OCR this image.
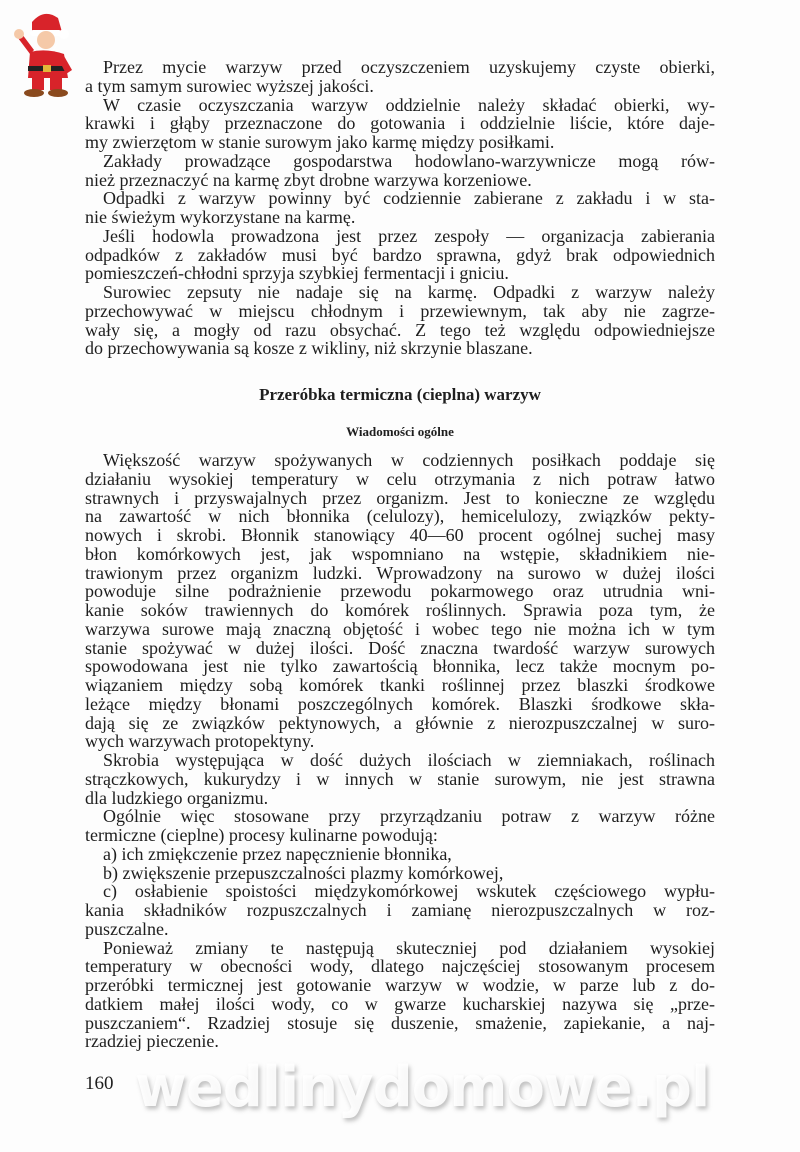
Przez mycie warzyw przed oczyszczeniem uzyskujemy czyste obierki,
a tym samym surowiec wyższej jakości.
W czasie oczyszczania warzyw oddzielnie należy składać obierki, wy-
krawki i głąby przeznaczone do gotowania i oddzielnie liście, które daje-
my zwierzętom w stanie surowym jako karmę między posiłkami.
Zakłady prowadzące gospodarstwa hodowlano-warzywnicze mogą rów-
nież przeznaczyć na karmę zbyt drobne warzywa korzeniowe.
Odpadki z warzyw powinny być codziennie zabierane z zakładu i w sta-
nie świeżym wykorzystane na karmę.
Jeśli hodowla prowadzona jest przez zespoły — organizacja zabierania
odpadków z zakładów musi być bardzo sprawna, gdyż brak odpowiednich
pomieszczeń-chłodni sprzyja szybkiej fermentacji i gniciu.
Surowiec zepsuty nie nadaje się na karmę. Odpadki z warzyw należy
przechowywać w miejscu chłodnym i przewiewnym, tak aby nie zagrze-
wały się, a mogły od razu obsychać. Z tego też względu odpowiedniejsze
do przechowywania są kosze z wikliny, niż skrzynie blaszane.
Przeróbka termiczna (cieplna) warzyw
Wiadomości ogólne
Większość warzyw spożywanych w codziennych posiłkach poddaje się
działaniu wysokiej temperatury w celu otrzymania z nich potraw łatwo
strawnych i przyswajalnych przez organizm. Jest to konieczne ze względu
na zawartość w nich błonnika (celulozy), hemicelulozy, związków pekty-
nowych i skrobi. Błonnik stanowiący 40—60 procent ogólnej suchej masy
błon komórkowych jest, jak wspomniano na wstępie, składnikiem nie-
trawionym przez organizm ludzki. Wprowadzony na surowo w dużej ilości
powoduje silne podrażnienie przewodu pokarmowego oraz utrudnia wni-
kanie soków trawiennych do komórek roślinnych. Sprawia poza tym, że
warzywa surowe mają znaczną objętość i wobec tego nie można ich w tym
stanie spożywać w dużej ilości. Dość znaczna twardość warzyw surowych
spowodowana jest nie tylko zawartością błonnika, lecz także mocnym po-
wiązaniem między sobą komórek tkanki roślinnej przez blaszki środkowe
leżące między błonami poszczególnych komórek. Blaszki środkowe skła-
dają się ze związków pektynowych, a głównie z nierozpuszczalnej w suro-
wych warzywach protopektyny.
Skrobia występująca w dość dużych ilościach w ziemniakach, roślinach
strączkowych, kukurydzy i w innych w stanie surowym, nie jest strawna
dla ludzkiego organizmu.
Ogólnie więc stosowane przy przyrządzaniu potraw z warzyw różne
termiczne (cieplne) procesy kulinarne powodują:
a) ich zmiękczenie przez napęcznienie błonnika,
b) zwiększenie przepuszczalności plazmy komórkowej,
c) osłabienie spoistości międzykomórkowej wskutek częściowego wypłu-
kania składników rozpuszczalnych i zamianę nierozpuszczalnych w roz-
puszczalne.
Ponieważ zmiany te następują skuteczniej pod działaniem wysokiej
temperatury w obecności wody, dlatego najczęściej stosowanym procesem
przeróbki termicznej jest gotowanie warzyw w wodzie, w parze lub z do-
datkiem małej ilości wody, co w gwarze kucharskiej nazywa się „prze-
puszczaniem“. Rzadziej stosuje się duszenie, smażenie, zapiekanie, a naj-
rzadziej pieczenie.
160 wedlinydomowe.pl
